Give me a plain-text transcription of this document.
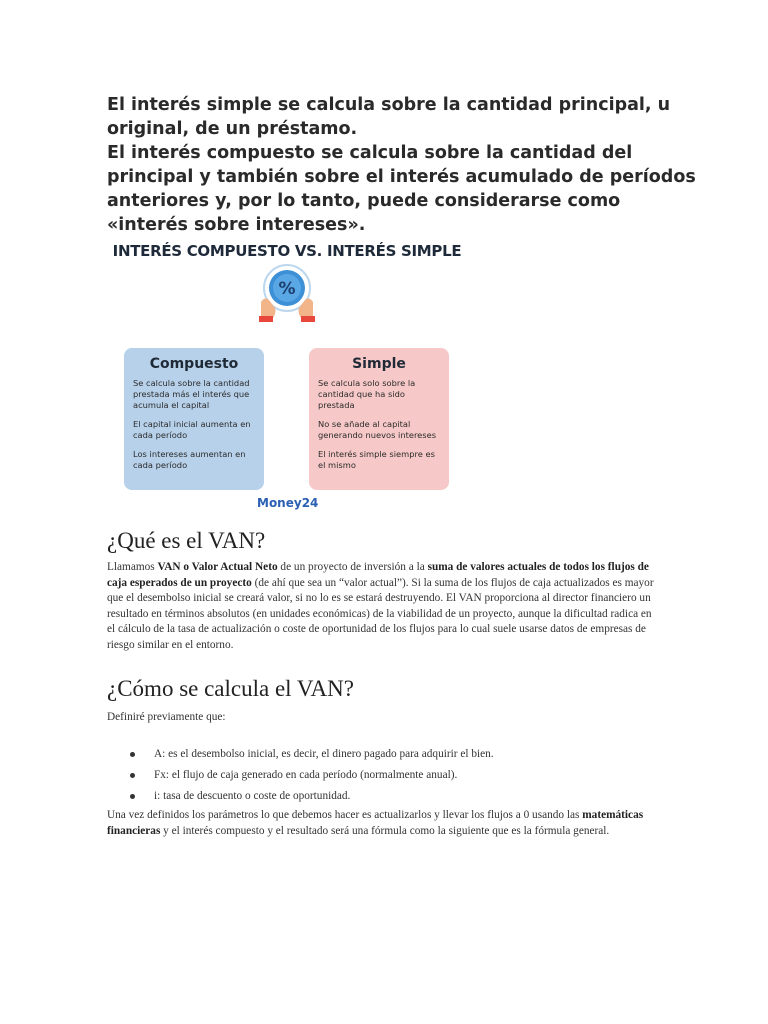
El interés simple se calcula sobre la cantidad principal, u original, de un préstamo.

El interés compuesto se calcula sobre la cantidad del principal y también sobre el interés acumulado de períodos anteriores y, por lo tanto, puede considerarse como «interés sobre intereses».

INTERÉS COMPUESTO VS. INTERÉS SIMPLE
%
Compuesto
Se calcula sobre la cantidad prestada más el interés que acumula el capital
El capital inicial aumenta en cada período
Los intereses aumentan en cada período
Simple
Se calcula solo sobre la cantidad que ha sido prestada
No se añade al capital generando nuevos intereses
El interés simple siempre es el mismo
Money24
¿Qué es el VAN?

Llamamos VAN o Valor Actual Neto de un proyecto de inversión a la suma de valores actuales de todos los flujos de caja esperados de un proyecto (de ahí que sea un “valor actual”). Si la suma de los flujos de caja actualizados es mayor que el desembolso inicial se creará valor, si no lo es se estará destruyendo. El VAN proporciona al director financiero un resultado en términos absolutos (en unidades económicas) de la viabilidad de un proyecto, aunque la dificultad radica en el cálculo de la tasa de actualización o coste de oportunidad de los flujos para lo cual suele usarse datos de empresas de riesgo similar en el entorno.

¿Cómo se calcula el VAN?

Definiré previamente que:

A: es el desembolso inicial, es decir, el dinero pagado para adquirir el bien.
Fx: el flujo de caja generado en cada período (normalmente anual).
i: tasa de descuento o coste de oportunidad.

Una vez definidos los parámetros lo que debemos hacer es actualizarlos y llevar los flujos a 0 usando las matemáticas financieras y el interés compuesto y el resultado será una fórmula como la siguiente que es la fórmula general.
